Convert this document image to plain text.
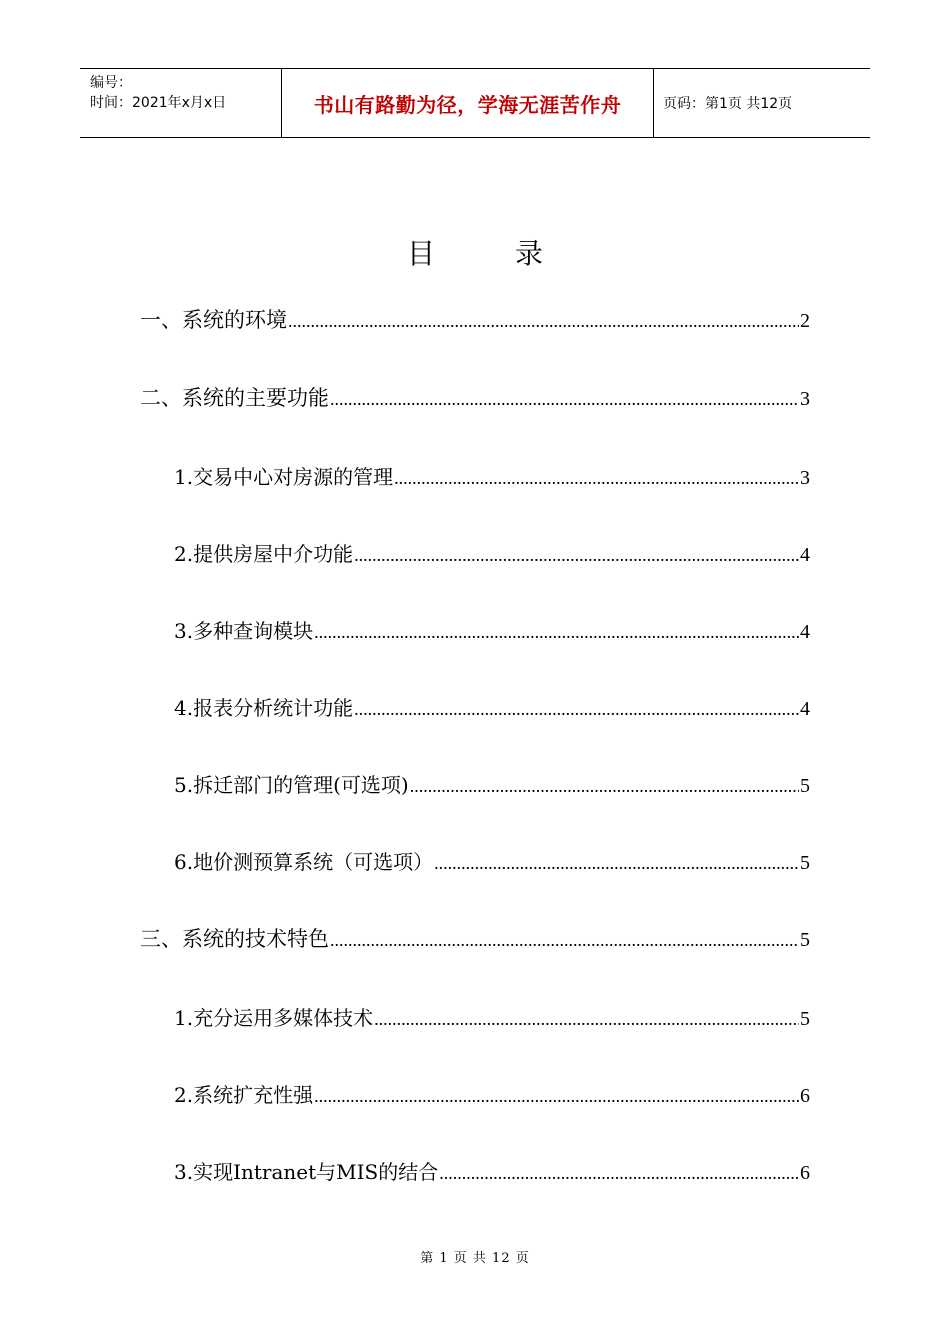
编号：
时间：2021年x月x日	书山有路勤为径，学海无涯苦作舟	页码：第1页 共12页
目	录
一、系统的环境 .....	2
二、系统的主要功能 .....	3
1.交易中心对房源的管理 .....	3
2.提供房屋中介功能 .....	4
3.多种查询模块 .....	4
4.报表分析统计功能 .....	4
5.拆迁部门的管理(可选项) .....	5
6.地价测预算系统（可选项） .....	5
三、系统的技术特色 .....	5
1.充分运用多媒体技术 .....	5
2.系统扩充性强 .....	6
3.实现Intranet与MIS的结合 .....	6
第 1 页 共 12 页
